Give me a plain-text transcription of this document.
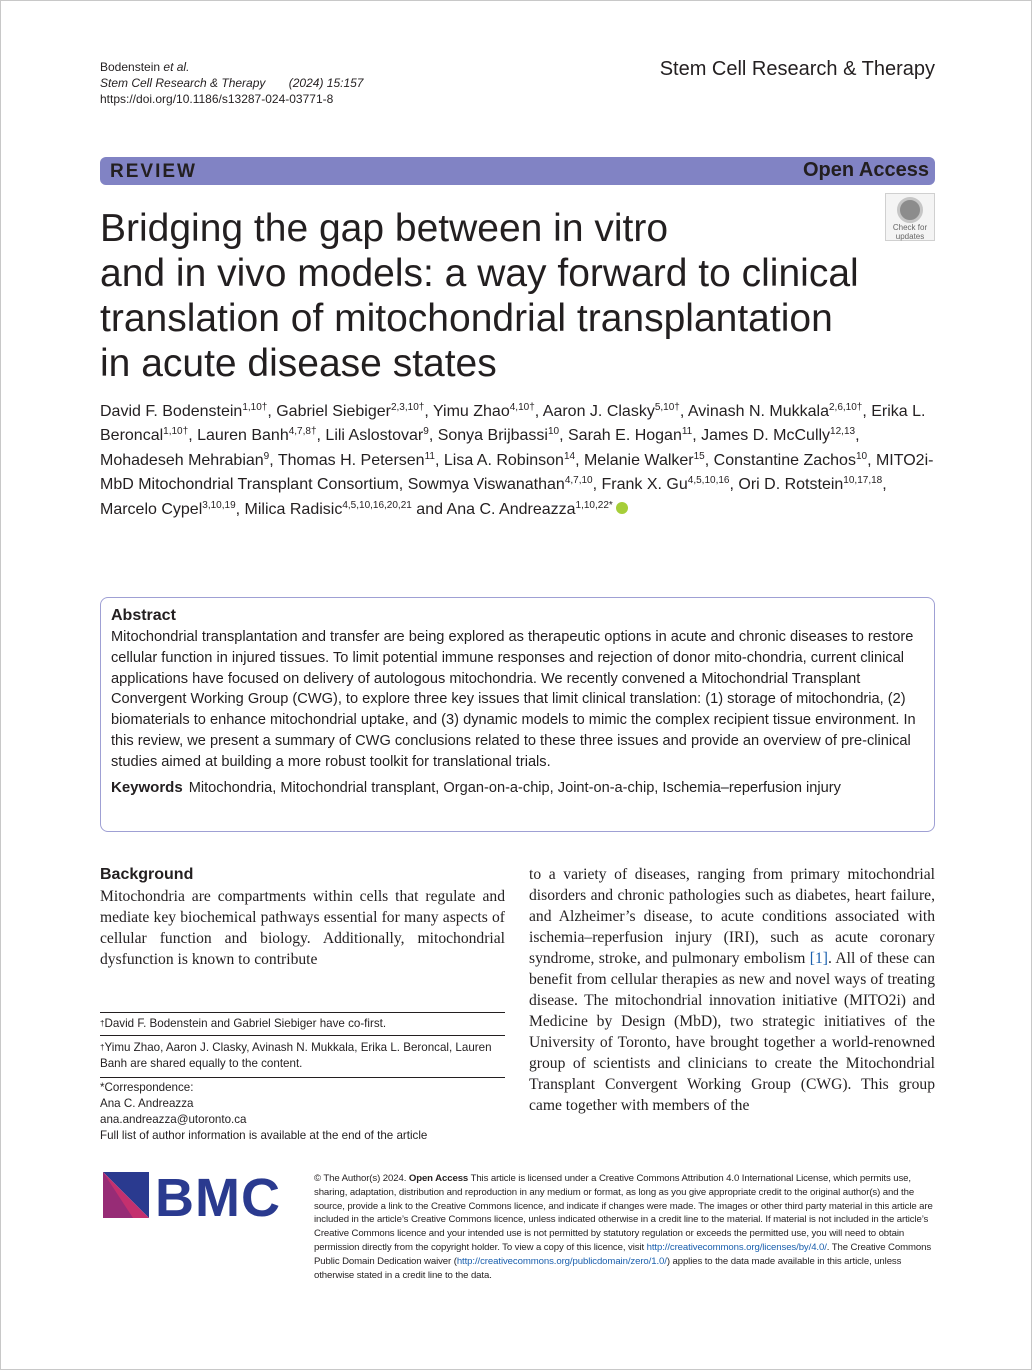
Bodenstein et al.
Stem Cell Research & Therapy (2024) 15:157
https://doi.org/10.1186/s13287-024-03771-8
Stem Cell Research & Therapy
REVIEW	Open Access
Check for
updates
Bridging the gap between in vitro
and in vivo models: a way forward to clinical
translation of mitochondrial transplantation
in acute disease states
David F. Bodenstein$^{1,10\dagger}$, Gabriel Siebiger$^{2,3,10\dagger}$, Yimu Zhao$^{4,10\dagger}$, Aaron J. Clasky$^{5,10\dagger}$, Avinash N. Mukkala$^{2,6,10\dagger}$, Erika L. Beroncal$^{1,10\dagger}$, Lauren Banh$^{4,7,8\dagger}$, Lili Aslostovar$^9$, Sonya Brijbassi$^{10}$, Sarah E. Hogan$^{11}$, James D. McCully$^{12,13}$, Mohadeseh Mehrabian$^9$, Thomas H. Petersen$^{11}$, Lisa A. Robinson$^{14}$, Melanie Walker$^{15}$, Constantine Zachos$^{10}$, MITO2i-MbD Mitochondrial Transplant Consortium, Sowmya Viswanathan$^{4,7,10}$, Frank X. Gu$^{4,5,10,16}$, Ori D. Rotstein$^{10,17,18}$, Marcelo Cypel$^{3,10,19}$, Milica Radisic$^{4,5,10,16,20,21}$ and Ana C. Andreazza$^{1,10,22*}$
Abstract
Mitochondrial transplantation and transfer are being explored as therapeutic options in acute and chronic diseases to restore cellular function in injured tissues. To limit potential immune responses and rejection of donor mito-chondria, current clinical applications have focused on delivery of autologous mitochondria. We recently convened a Mitochondrial Transplant Convergent Working Group (CWG), to explore three key issues that limit clinical translation: (1) storage of mitochondria, (2) biomaterials to enhance mitochondrial uptake, and (3) dynamic models to mimic the complex recipient tissue environment. In this review, we present a summary of CWG conclusions related to these three issues and provide an overview of pre-clinical studies aimed at building a more robust toolkit for translational trials.
Keywords Mitochondria, Mitochondrial transplant, Organ-on-a-chip, Joint-on-a-chip, Ischemia–reperfusion injury
Background
Mitochondria are compartments within cells that regulate and mediate key biochemical pathways essential for many aspects of cellular function and biology. Additionally, mitochondrial dysfunction is known to contribute
to a variety of diseases, ranging from primary mitochondrial disorders and chronic pathologies such as diabetes, heart failure, and Alzheimer’s disease, to acute conditions associated with ischemia–reperfusion injury (IRI), such as acute coronary syndrome, stroke, and pulmonary embolism [1]. All of these can benefit from cellular therapies as new and novel ways of treating disease. The mitochondrial innovation initiative (MITO2i) and Medicine by Design (MbD), two strategic initiatives of the University of Toronto, have brought together a world-renowned group of scientists and clinicians to create the Mitochondrial Transplant Convergent Working Group (CWG). This group came together with members of the
†David F. Bodenstein and Gabriel Siebiger have co-first.
†Yimu Zhao, Aaron J. Clasky, Avinash N. Mukkala, Erika L. Beroncal, Lauren Banh are shared equally to the content.
*Correspondence:
Ana C. Andreazza
ana.andreazza@utoronto.ca
Full list of author information is available at the end of the article
BMC	© The Author(s) 2024. Open Access This article is licensed under a Creative Commons Attribution 4.0 International License, which permits use, sharing, adaptation, distribution and reproduction in any medium or format, as long as you give appropriate credit to the original author(s) and the source, provide a link to the Creative Commons licence, and indicate if changes were made. The images or other third party material in this article are included in the article’s Creative Commons licence, unless indicated otherwise in a credit line to the material. If material is not included in the article’s Creative Commons licence and your intended use is not permitted by statutory regulation or exceeds the permitted use, you will need to obtain permission directly from the copyright holder. To view a copy of this licence, visit http://creativecommons.org/licenses/by/4.0/. The Creative Commons Public Domain Dedication waiver (http://creativecommons.org/publicdomain/zero/1.0/) applies to the data made available in this article, unless otherwise stated in a credit line to the data.
